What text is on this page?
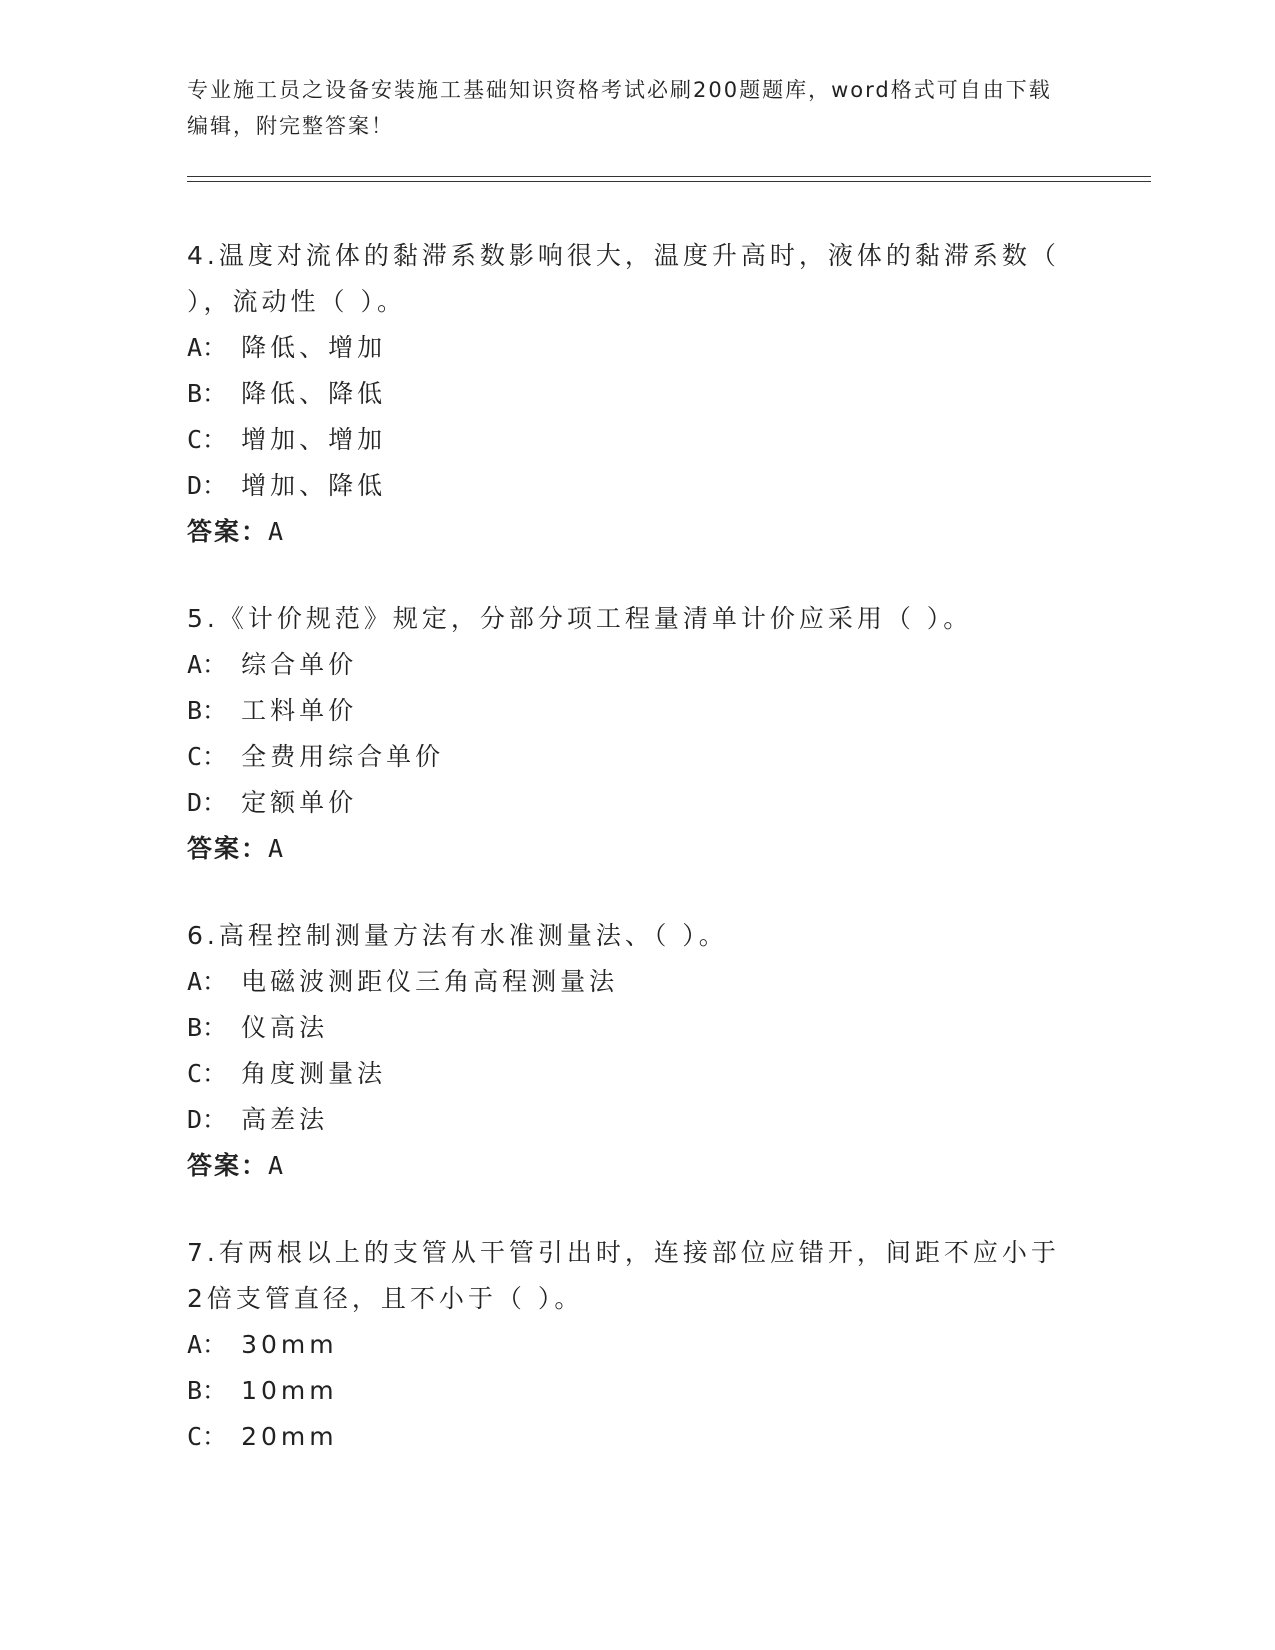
专业施工员之设备安装施工基础知识资格考试必刷200题题库，word格式可自由下载编辑，附完整答案！

4.温度对流体的黏滞系数影响很大，温度升高时，液体的黏滞系数（ ），流动性（ ）。

A： 降低、增加

B： 降低、降低

C： 增加、增加

D： 增加、降低

答案：A

5.《计价规范》规定，分部分项工程量清单计价应采用（ ）。

A： 综合单价

B： 工料单价

C： 全费用综合单价

D： 定额单价

答案：A

6.高程控制测量方法有水准测量法、（ ）。

A： 电磁波测距仪三角高程测量法

B： 仪高法

C： 角度测量法

D： 高差法

答案：A

7.有两根以上的支管从干管引出时，连接部位应错开，间距不应小于2倍支管直径，且不小于（ ）。

A： 30mm

B： 10mm

C： 20mm
